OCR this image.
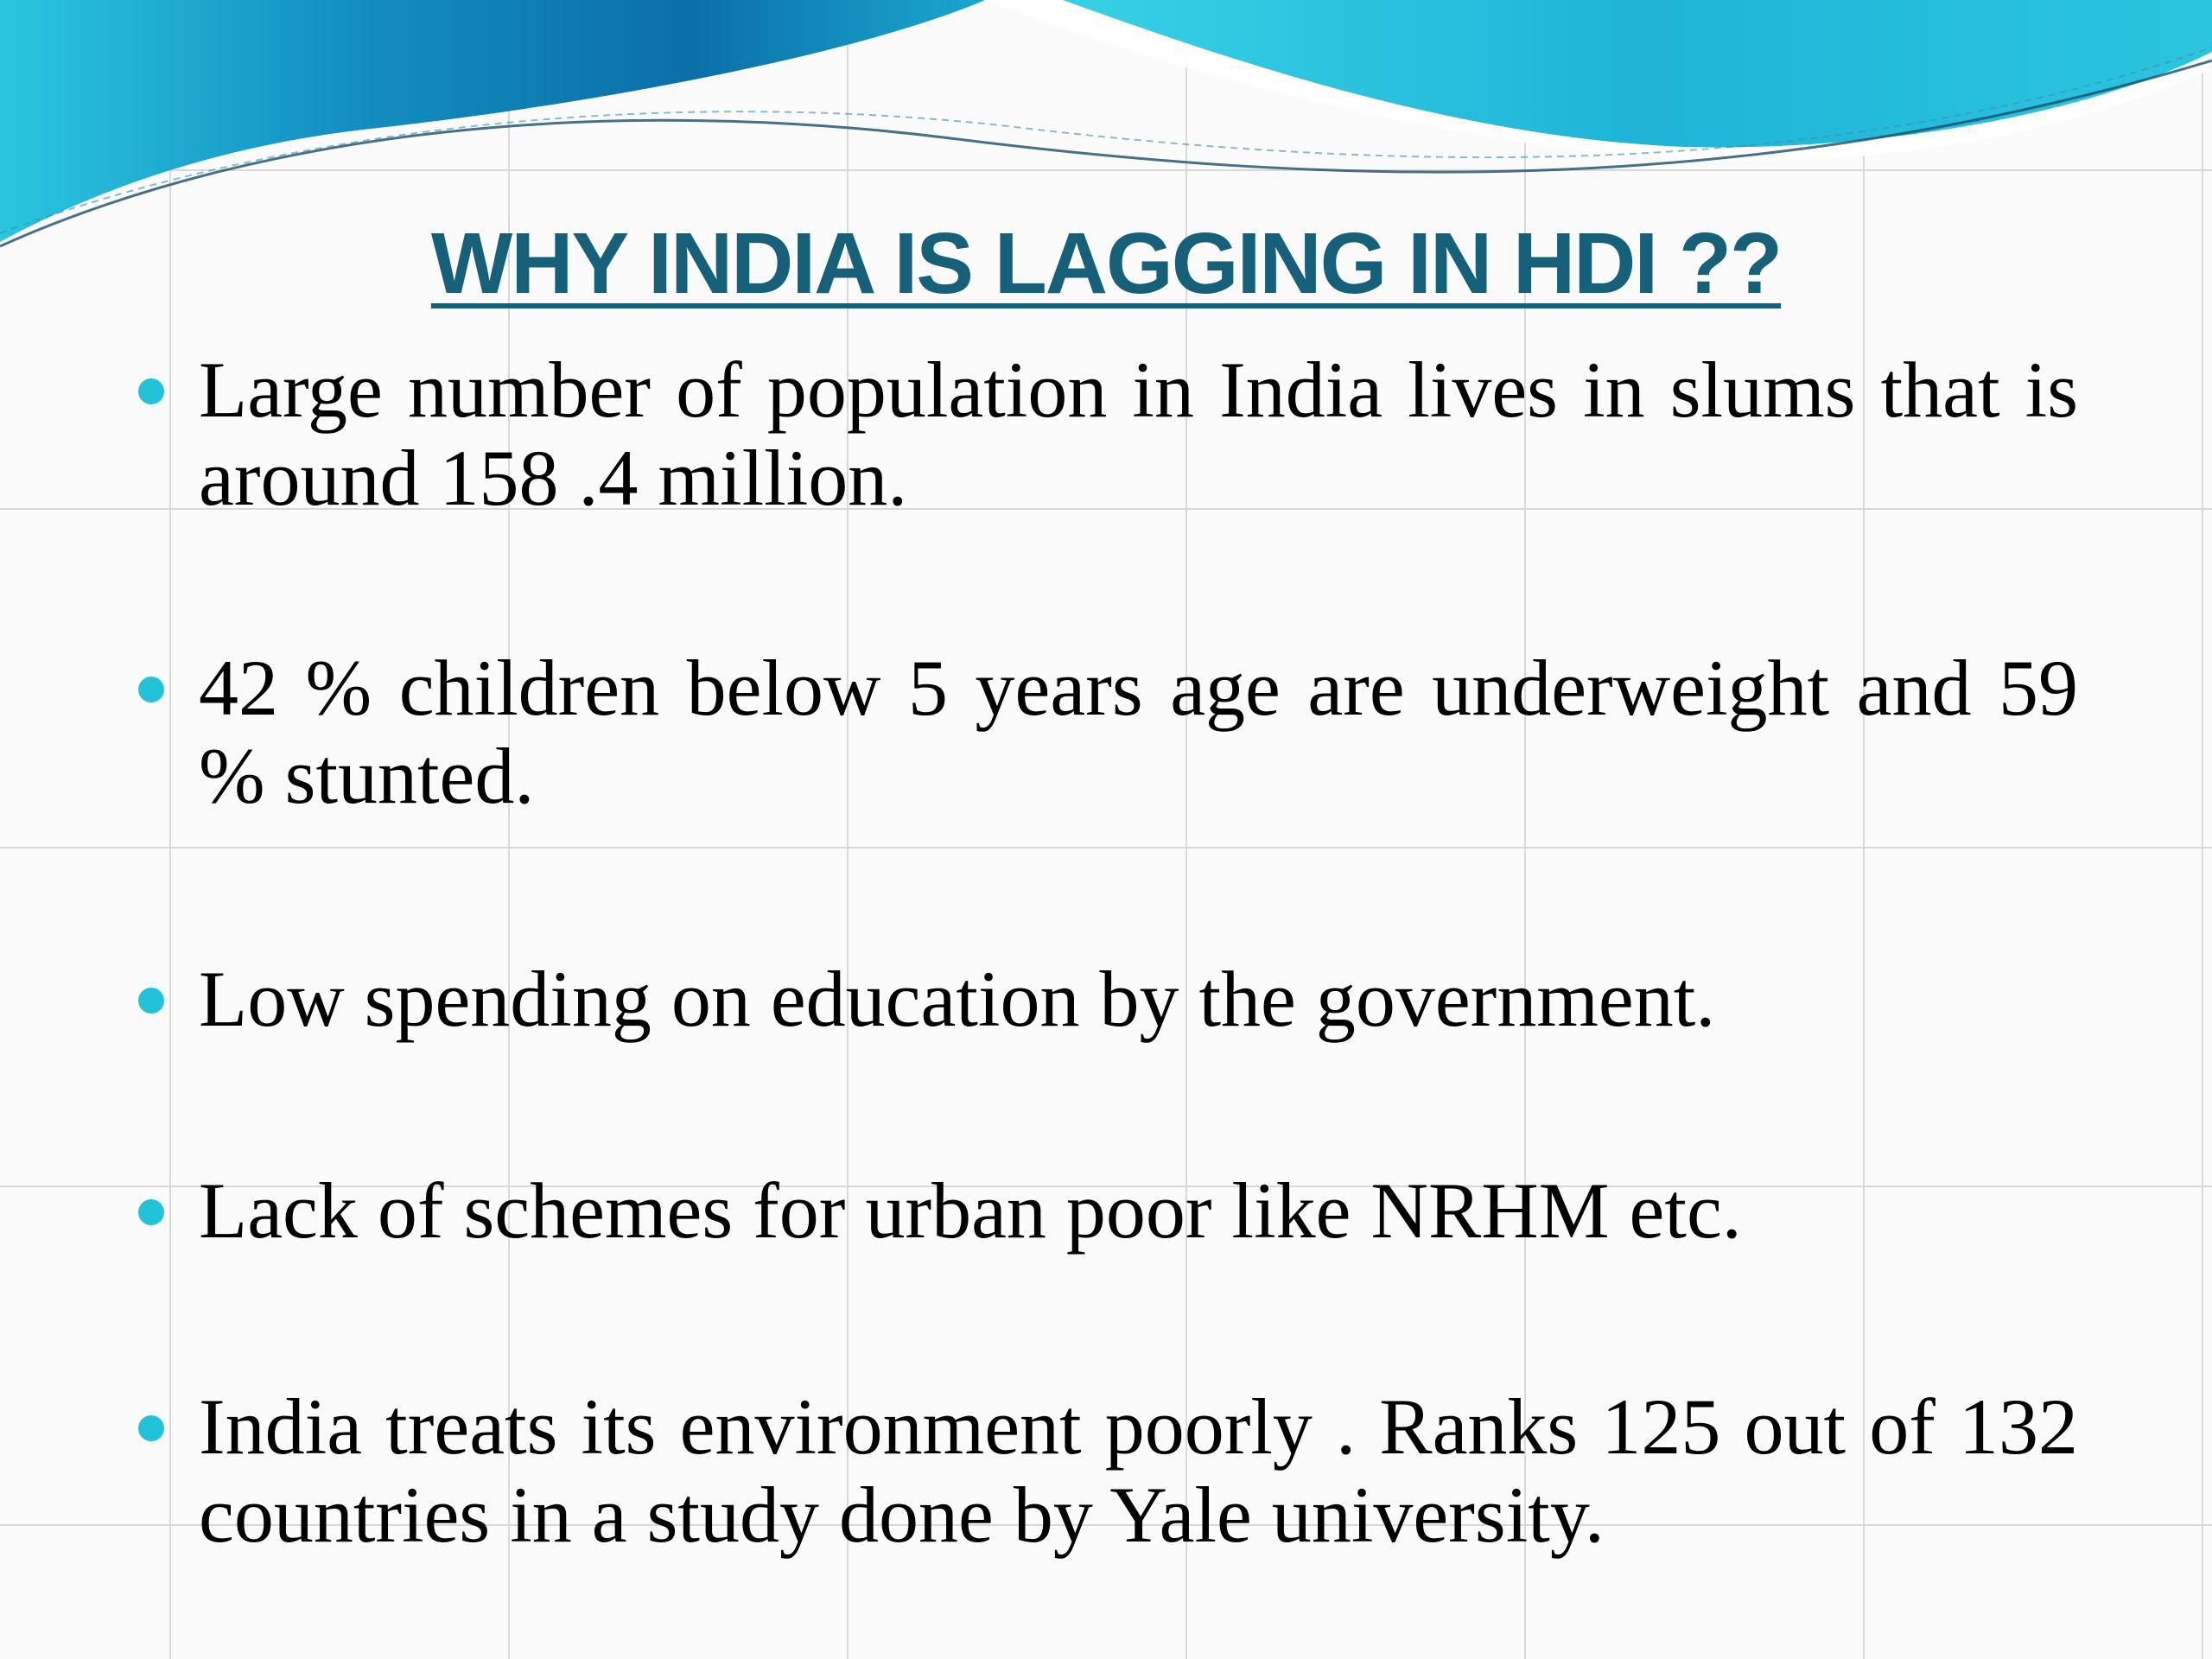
WHY INDIA IS LAGGING IN HDI ??
Large number of population in India lives in slums that is around 158 .4 million.
42 % children below 5 years age are underweight and 59 % stunted.
Low spending on education by the government.
Lack of schemes for urban poor like NRHM etc.
India treats its environment poorly . Ranks 125 out of 132 countries in a study done by Yale university.
